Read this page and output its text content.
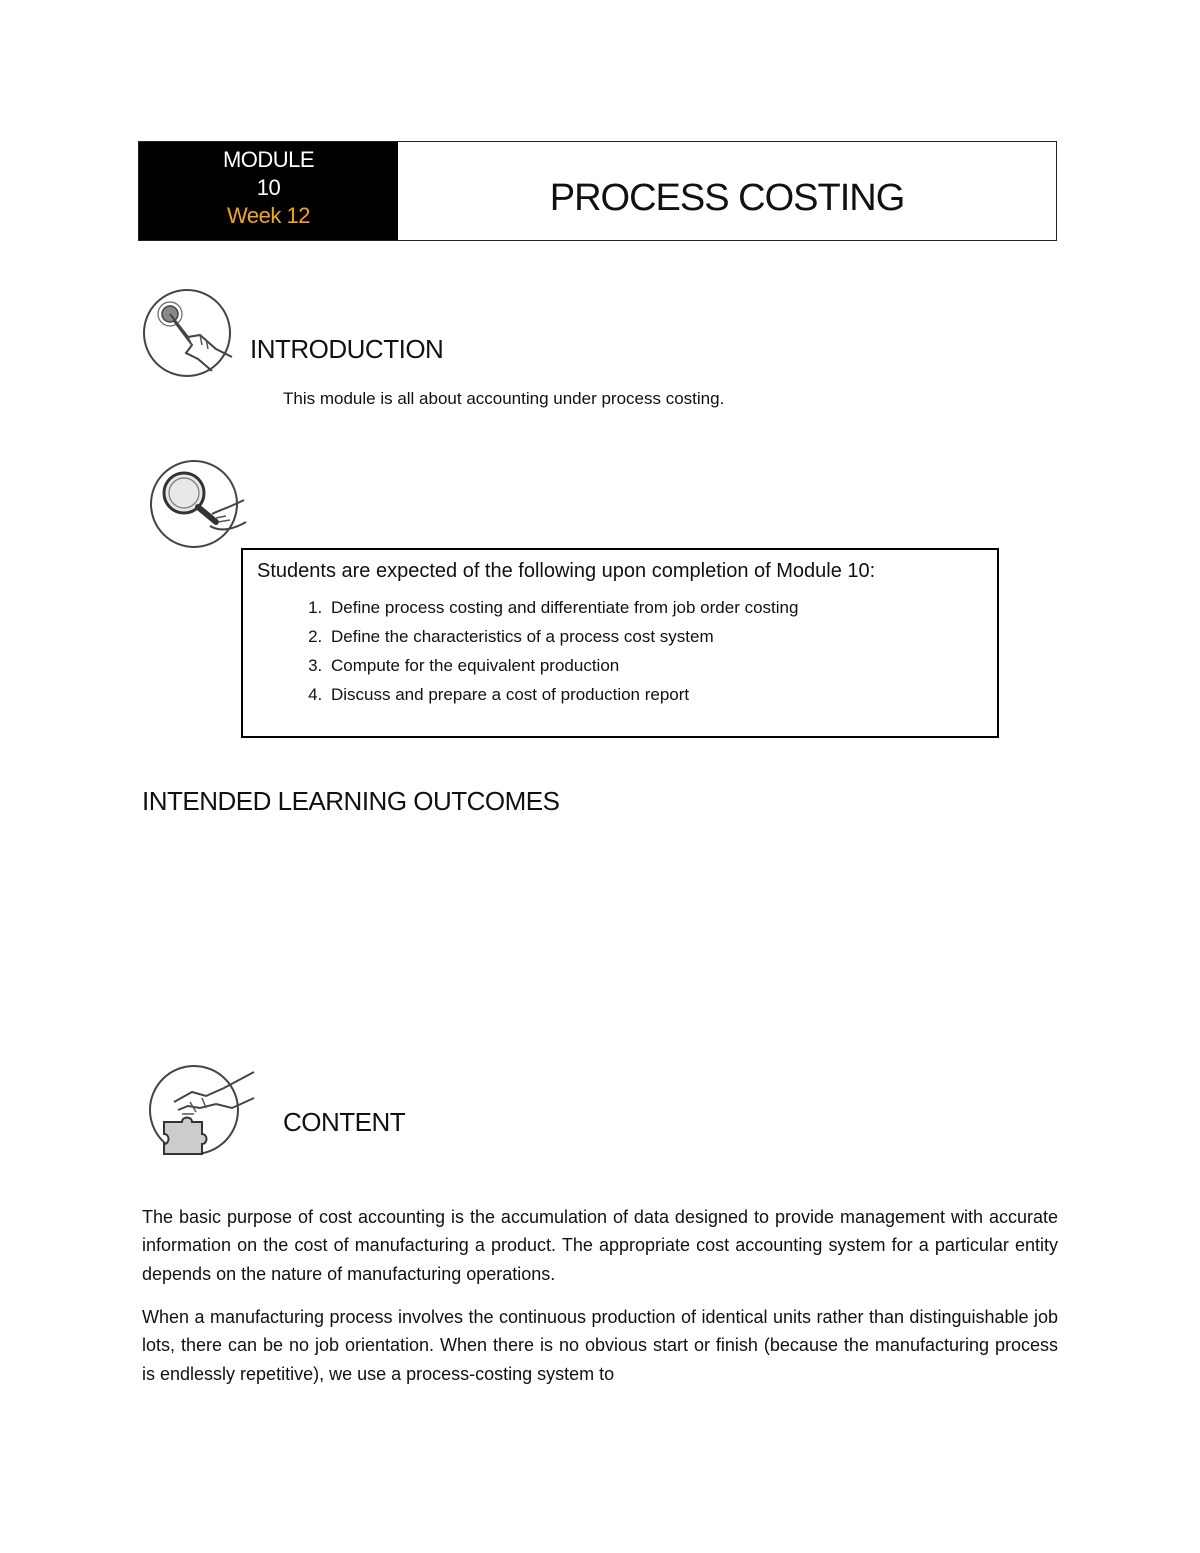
MODULE
10
Week 12	PROCESS COSTING
INTRODUCTION
This module is all about accounting under process costing.

Students are expected of the following upon completion of Module 10:

1. Define process costing and differentiate from job order costing
2. Define the characteristics of a process cost system
3. Compute for the equivalent production
4. Discuss and prepare a cost of production report
INTENDED LEARNING OUTCOMES
CONTENT

The basic purpose of cost accounting is the accumulation of data designed to provide management with accurate information on the cost of manufacturing a product. The appropriate cost accounting system for a particular entity depends on the nature of manufacturing operations.

When a manufacturing process involves the continuous production of identical units rather than distinguishable job lots, there can be no job orientation. When there is no obvious start or finish (because the manufacturing process is endlessly repetitive), we use a process-costing system to
